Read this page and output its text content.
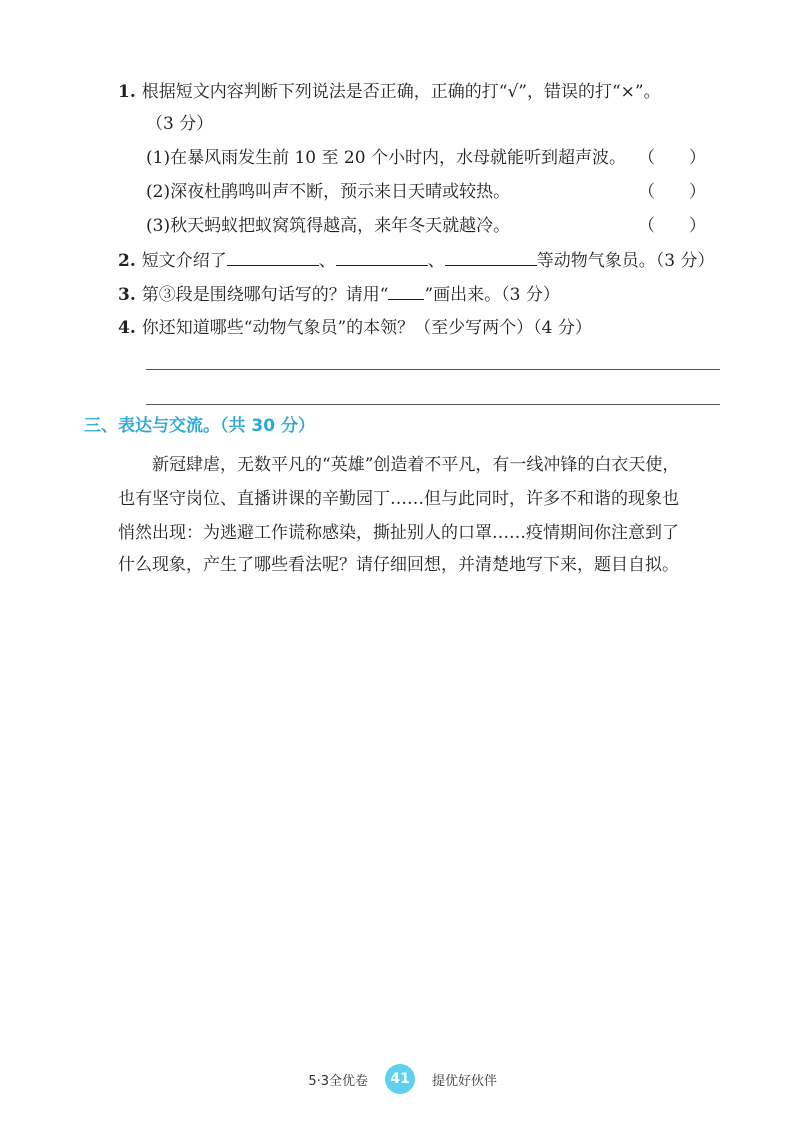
1. 根据短文内容判断下列说法是否正确，正确的打“√”，错误的打“×”。
（3 分）
(1)在暴风雨发生前 10 至 20 个小时内，水母就能听到超声波。 （　　）
(2)深夜杜鹃鸣叫声不断，预示来日天晴或较热。	（　　）
(3)秋天蚂蚁把蚁窝筑得越高，来年冬天就越冷。	（　　）
2. 短文介绍了	、	、	等动物气象员。（3 分）
3. 第③段是围绕哪句话写的？请用“ ”画出来。（3 分）
4. 你还知道哪些“动物气象员”的本领？（至少写两个）（4 分）
三、表达与交流。（共 30 分）
新冠肆虐，无数平凡的“英雄”创造着不平凡，有一线冲锋的白衣天使，
也有坚守岗位、直播讲课的辛勤园丁……但与此同时，许多不和谐的现象也
悄然出现：为逃避工作谎称感染，撕扯别人的口罩……疫情期间你注意到了
什么现象，产生了哪些看法呢？请仔细回想，并清楚地写下来，题目自拟。
5·3全优卷	41	提优好伙伴
